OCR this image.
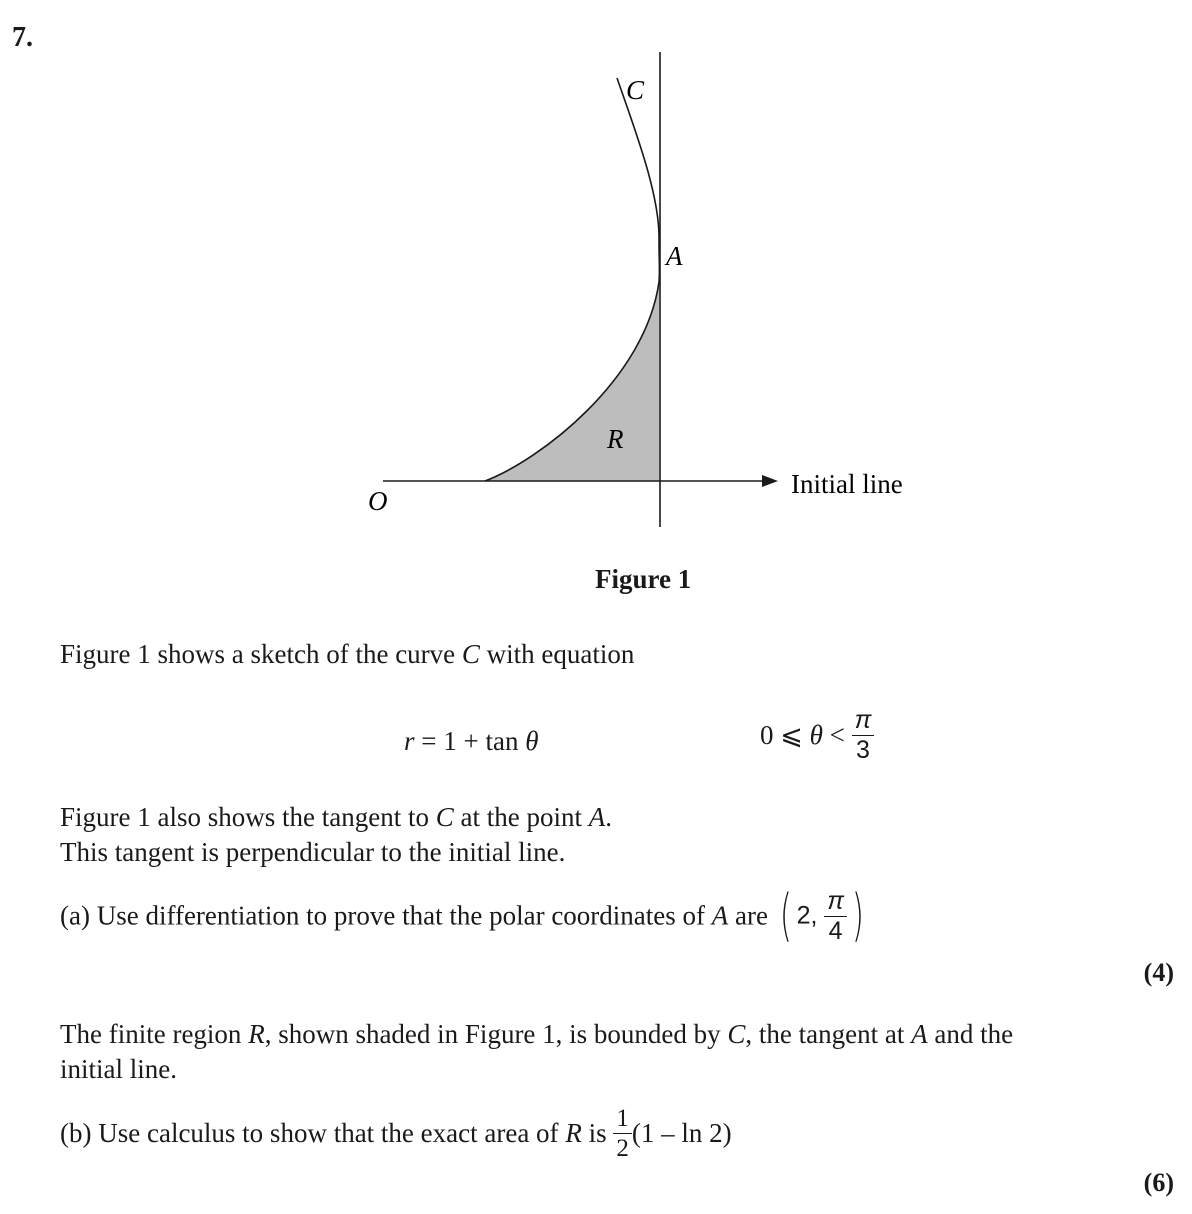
7.
C
A
R
O
Initial line
Figure 1
Figure 1 shows a sketch of the curve C with equation
r = 1 + tan θ	0 ⩽ $\theta < \frac{\pi}{3}$
Figure 1 also shows the tangent to C at the point A.
This tangent is perpendicular to the initial line.
(a) Use differentiation to prove that the polar coordinates of A are ( 2, $\frac{\pi}{4}$ )
(4)
The finite region R, shown shaded in Figure 1, is bounded by C, the tangent at A and the
initial line.
(b) Use calculus to show that the exact area of R is $\frac{1}{2} (1$ – ln 2)
(6)
